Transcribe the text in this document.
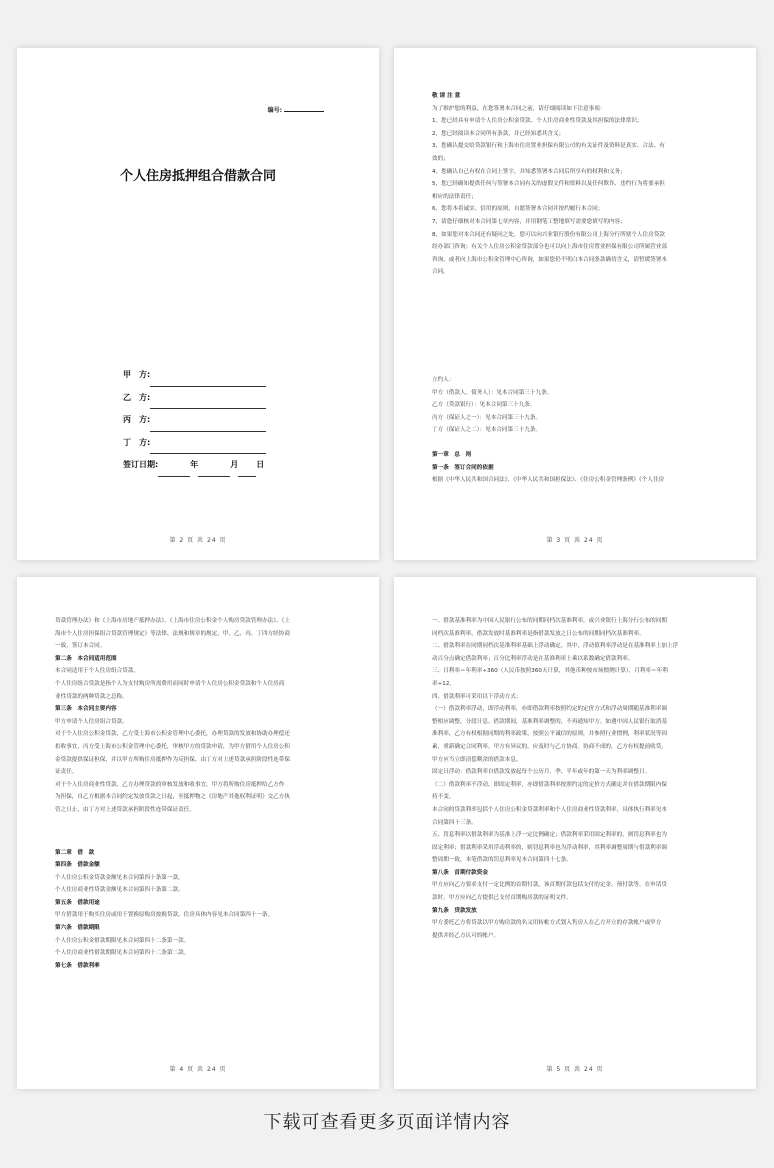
编号:
个人住房抵押组合借款合同
甲　方:
乙　方:
丙　方:
丁　方:
签订日期:	年	月 日
第 2 页 共 24 页
敬 请 注 意
为了维护您的利益，在您签署本合同之前，请仔细阅读如下注意事项：
1，您已经具有申请个人住房公积金贷款、个人住房商业性贷款及其担保的法律常识；
2，您已经阅读本合同所有条款，并已经知悉其含义；
3，您确认提交给贷款银行和上海市住房置业担保有限公司的有关证件及资料是真实、合法、有
效的；
4，您确认自己有权在合同上签字，并知悉签署本合同后所享有的权利和义务；
5，您已经确知提供任何与签署本合同有关的虚假文件和资料以及任何欺诈、违约行为将要承担
相应的法律责任；
6，您将本着诚实、信用的原则，自愿签署本合同并按约履行本合同；
7，请您仔细核对本合同第七章内容，并用钢笔工整地填写需要您填写的内容；
8，如果您对本合同还有疑问之处，您可以向兴业银行股份有限公司上海分行所辖个人住房贷款
经办部门咨询；有关个人住房公积金贷款部分也可以向上海市住房置业担保有限公司所属营业部
咨询，或者向上海市公积金管理中心咨询，如果您仍不明白本合同条款确切含义，请暂缓签署本
合同。
立约人：
甲方（借款人、债务人）：见本合同第三十九条。
乙方（贷款银行）：见本合同第三十九条。
丙方（保证人之一）：见本合同第三十九条。
丁方（保证人之二）：见本合同第三十九条。
第一章　总　则
第一条　签订合同的依据
根据《中华人民共和国合同法》、《中华人民共和国担保法》、《住房公积金管理条例》《个人住房
第 3 页 共 24 页
贷款管理办法》和《上海市房地产抵押办法》、《上海市住房公积金个人购房贷款管理办法》、《上
海市个人住房担保组合贷款管理规定》等法律、法规和规章的规定，甲、乙、丙、丁四方经协商
一致，签订本合同。
第二条　本合同适用范围
本合同适用于个人住房组合贷款。
个人住房组合贷款是指个人为支付购房所需费用而同时申请个人住房公积金贷款和个人住房商
业性贷款的两种贷款之总称。
第三条　本合同主要内容
甲方申请个人住房组合贷款。
对于个人住房公积金贷款，乙方受上海市公积金管理中心委托，办理贷款的发放和协助办理偿还
扣收事宜，丙方受上海市公积金管理中心委托，审核甲方的贷款申请，为甲方借用个人住房公积
金贷款提供保证担保，并以甲方所购住房抵押作为反担保，由丁方对上述贷款承担阶段性连带保
证责任。
对于个人住房商业性贷款，乙方办理贷款的审核发放和收事宜，甲方将所购住房抵押给乙方作
为担保，自乙方根据本合同约定发放贷款之日起，至抵押物之《房地产其他权利证明》交乙方执
管之日止，由丁方对上述贷款承担阶段性连带保证责任。
第二章　借　款
第四条　借款金额
个人住房公积金贷款金额见本合同第四十条第一款。
个人住房商业性贷款金额见本合同第四十条第二款。
第五条　借款用途
甲方借款用于购买住房或用于置换原购房按揭贷款，住房具体内容见本合同第四十一条。
第六条　借款期限
个人住房公积金借款期限见本合同第四十二条第一款。
个人住房商业性借款期限见本合同第四十二条第二款。
第七条　借款利率
第 4 页 共 24 页
一、借款基准利率为中国人民银行公布的同期同档次基准利率，或兴业银行上海分行公布的同期
同档次基准利率，借款发放时基准利率是指借款发放之日公布的同期同档次基准利率。
二、借款利率在同期同档次基准利率基础上浮动确定。其中，浮动值利率浮动是在基准利率上加上浮
动百分点确定借款利率；百分比利率浮动是在基准利率上乘以系数确定借款利率。
三、日利率＝年利率÷360（人民币按照360天计算，其他币种按市场惯例计算），月利率＝年利
率÷12。
四、借款利率可采用以下浮动方式：
（一）借款利率浮动，即浮动利率，亦即借款利率按照约定的定价方式和浮动周期随基准利率调
整相应调整，分段计息。借款期间，基准利率调整的，不再通知甲方。如遇中国人民银行取消基
准利率，乙方有权根据同期的利率政策，按照公平诚信的原则，并参照行业惯例，利率状况等因
素，重新确定合同利率。甲方有异议的，应及时与乙方协商。协商不成的，乙方有权提前收贷，
甲方应当立即清偿剩余的借款本息。
固定日浮动：借款利率自借款发放起每个公历月、季、半年或年的第一天为利率调整日。
（二）借款利率不浮动，即固定利率，亦即借款利率按照约定的定价方式确定并在借款期限内保
持不变。
本合同的贷款利率包括个人住房公积金贷款利率和个人住房商业性贷款利率，具体执行利率见本
合同第四十三条。
五、罚息利率以借款利率为基准上浮一定比例确定；借款利率采用固定利率的，则罚息利率也为
固定利率；借款利率采用浮动利率的，则罚息利率也为浮动利率，其利率调整周期与借款利率调
整周期一致，本笔借款的罚息利率见本合同第四十七条。
第八条　首期付款资金
甲方应向乙方要求支付一定比例的首期付款，该首期付款包括支付的定金、预付款等。在申请贷
款时，甲方应向乙方提供已支付首期购房款的证明文件。
第九条　贷款发放
甲方委托乙方将贷款以甲方购房款的名义用转帐方式划入售房人在乙方开立的存款帐户或甲方
提供并经乙方认可的帐户。
第 5 页 共 24 页
下载可查看更多页面详情内容
